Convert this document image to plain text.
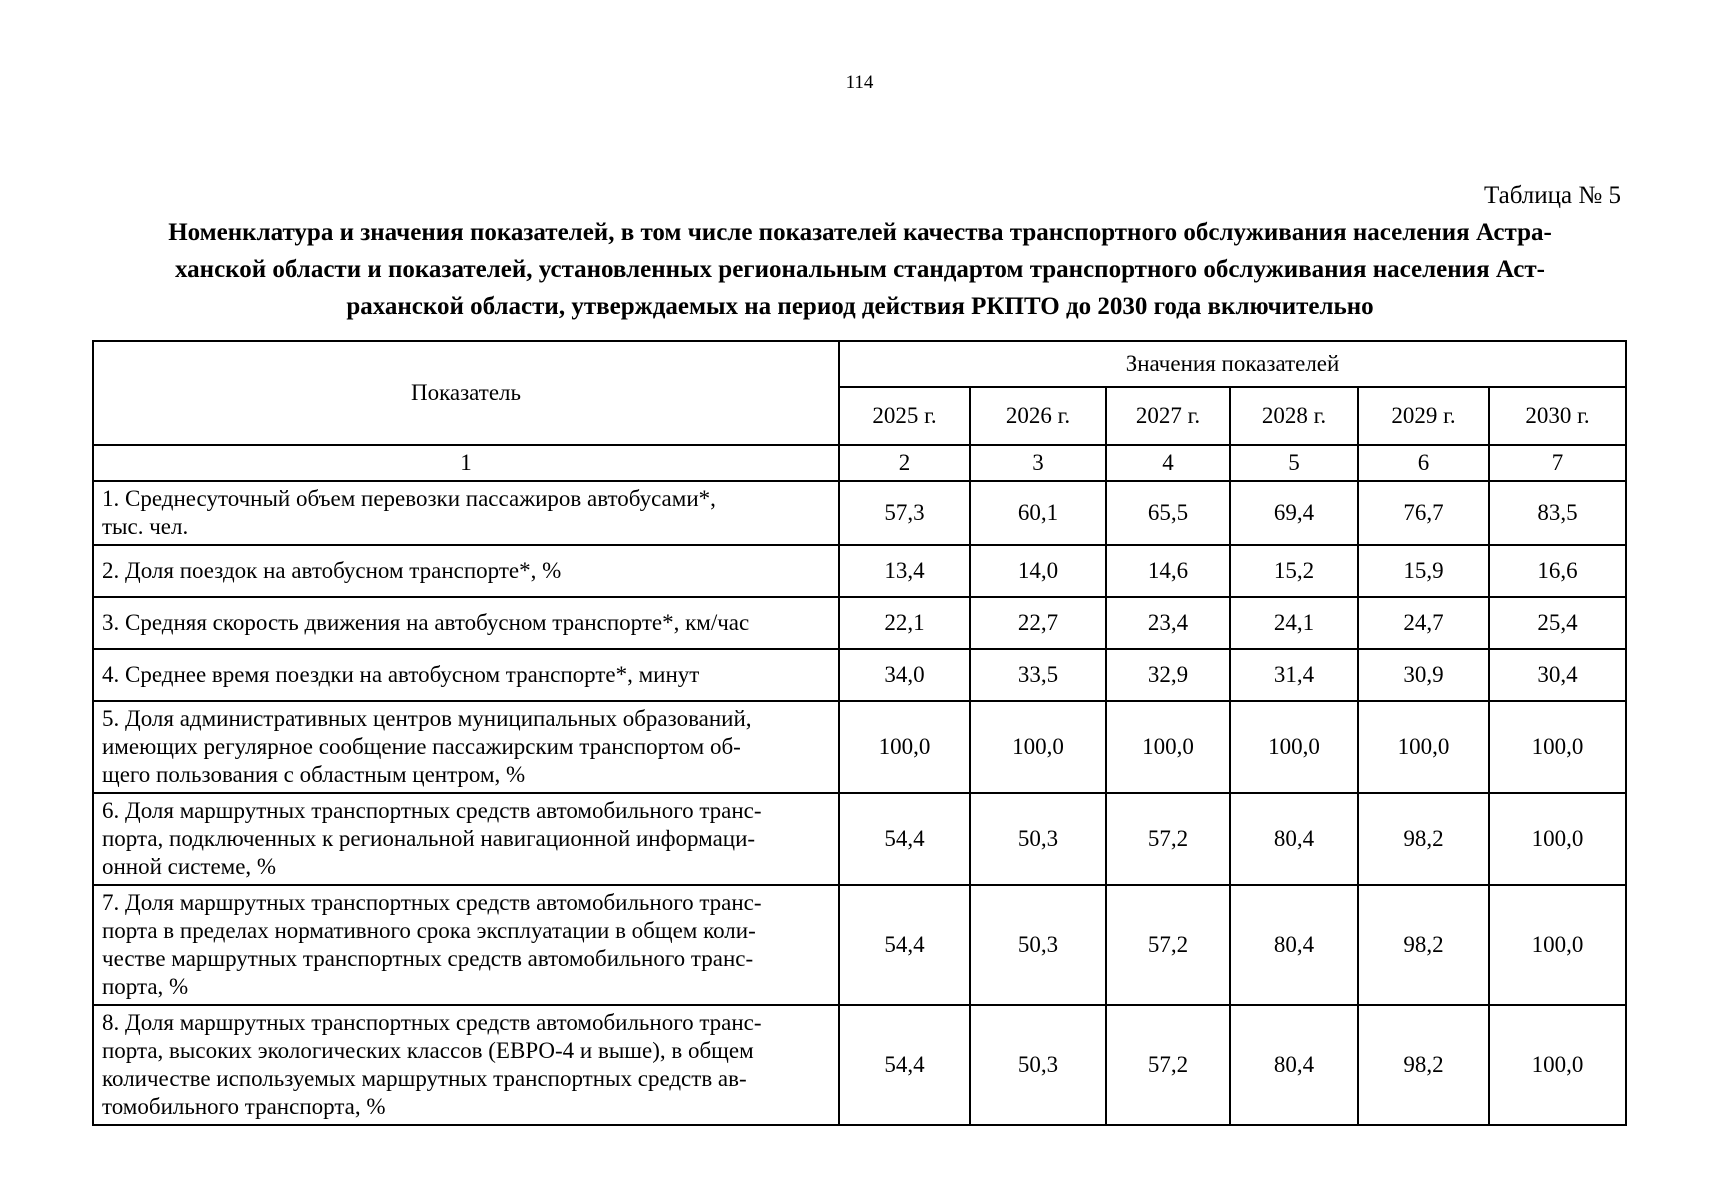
114
Таблица № 5
Номенклатура и значения показателей, в том числе показателей качества транспортного обслуживания населения Астра-
ханской области и показателей, установленных региональным стандартом транспортного обслуживания населения Аст-
раханской области, утверждаемых на период действия РКПТО до 2030 года включительно
Показатель	Значения показателей					
	2025 г.	2026 г.	2027 г.	2028 г.	2029 г.	2030 г.
1	2	3	4	5	6	7

1. Среднесуточный объем перевозки пассажиров автобусами*,
тыс. чел.	57,3	60,1	65,5	69,4	76,7	83,5

2. Доля поездок на автобусном транспорте*, %	13,4	14,0	14,6	15,2	15,9	16,6

3. Средняя скорость движения на автобусном транспорте*, км/час	22,1	22,7	23,4	24,1	24,7	25,4

4. Среднее время поездки на автобусном транспорте*, минут	34,0	33,5	32,9	31,4	30,9	30,4

5. Доля административных центров муниципальных образований,
имеющих регулярное сообщение пассажирским транспортом об-
щего пользования с областным центром, %	100,0	100,0	100,0	100,0	100,0	100,0

6. Доля маршрутных транспортных средств автомобильного транс-
порта, подключенных к региональной навигационной информаци-
онной системе, %	54,4	50,3	57,2	80,4	98,2	100,0

7. Доля маршрутных транспортных средств автомобильного транс-
порта в пределах нормативного срока эксплуатации в общем коли-
честве маршрутных транспортных средств автомобильного транс-
порта, %	54,4	50,3	57,2	80,4	98,2	100,0

8. Доля маршрутных транспортных средств автомобильного транс-
порта, высоких экологических классов (ЕВРО-4 и выше), в общем
количестве используемых маршрутных транспортных средств ав-
томобильного транспорта, %	54,4	50,3	57,2	80,4	98,2	100,0
